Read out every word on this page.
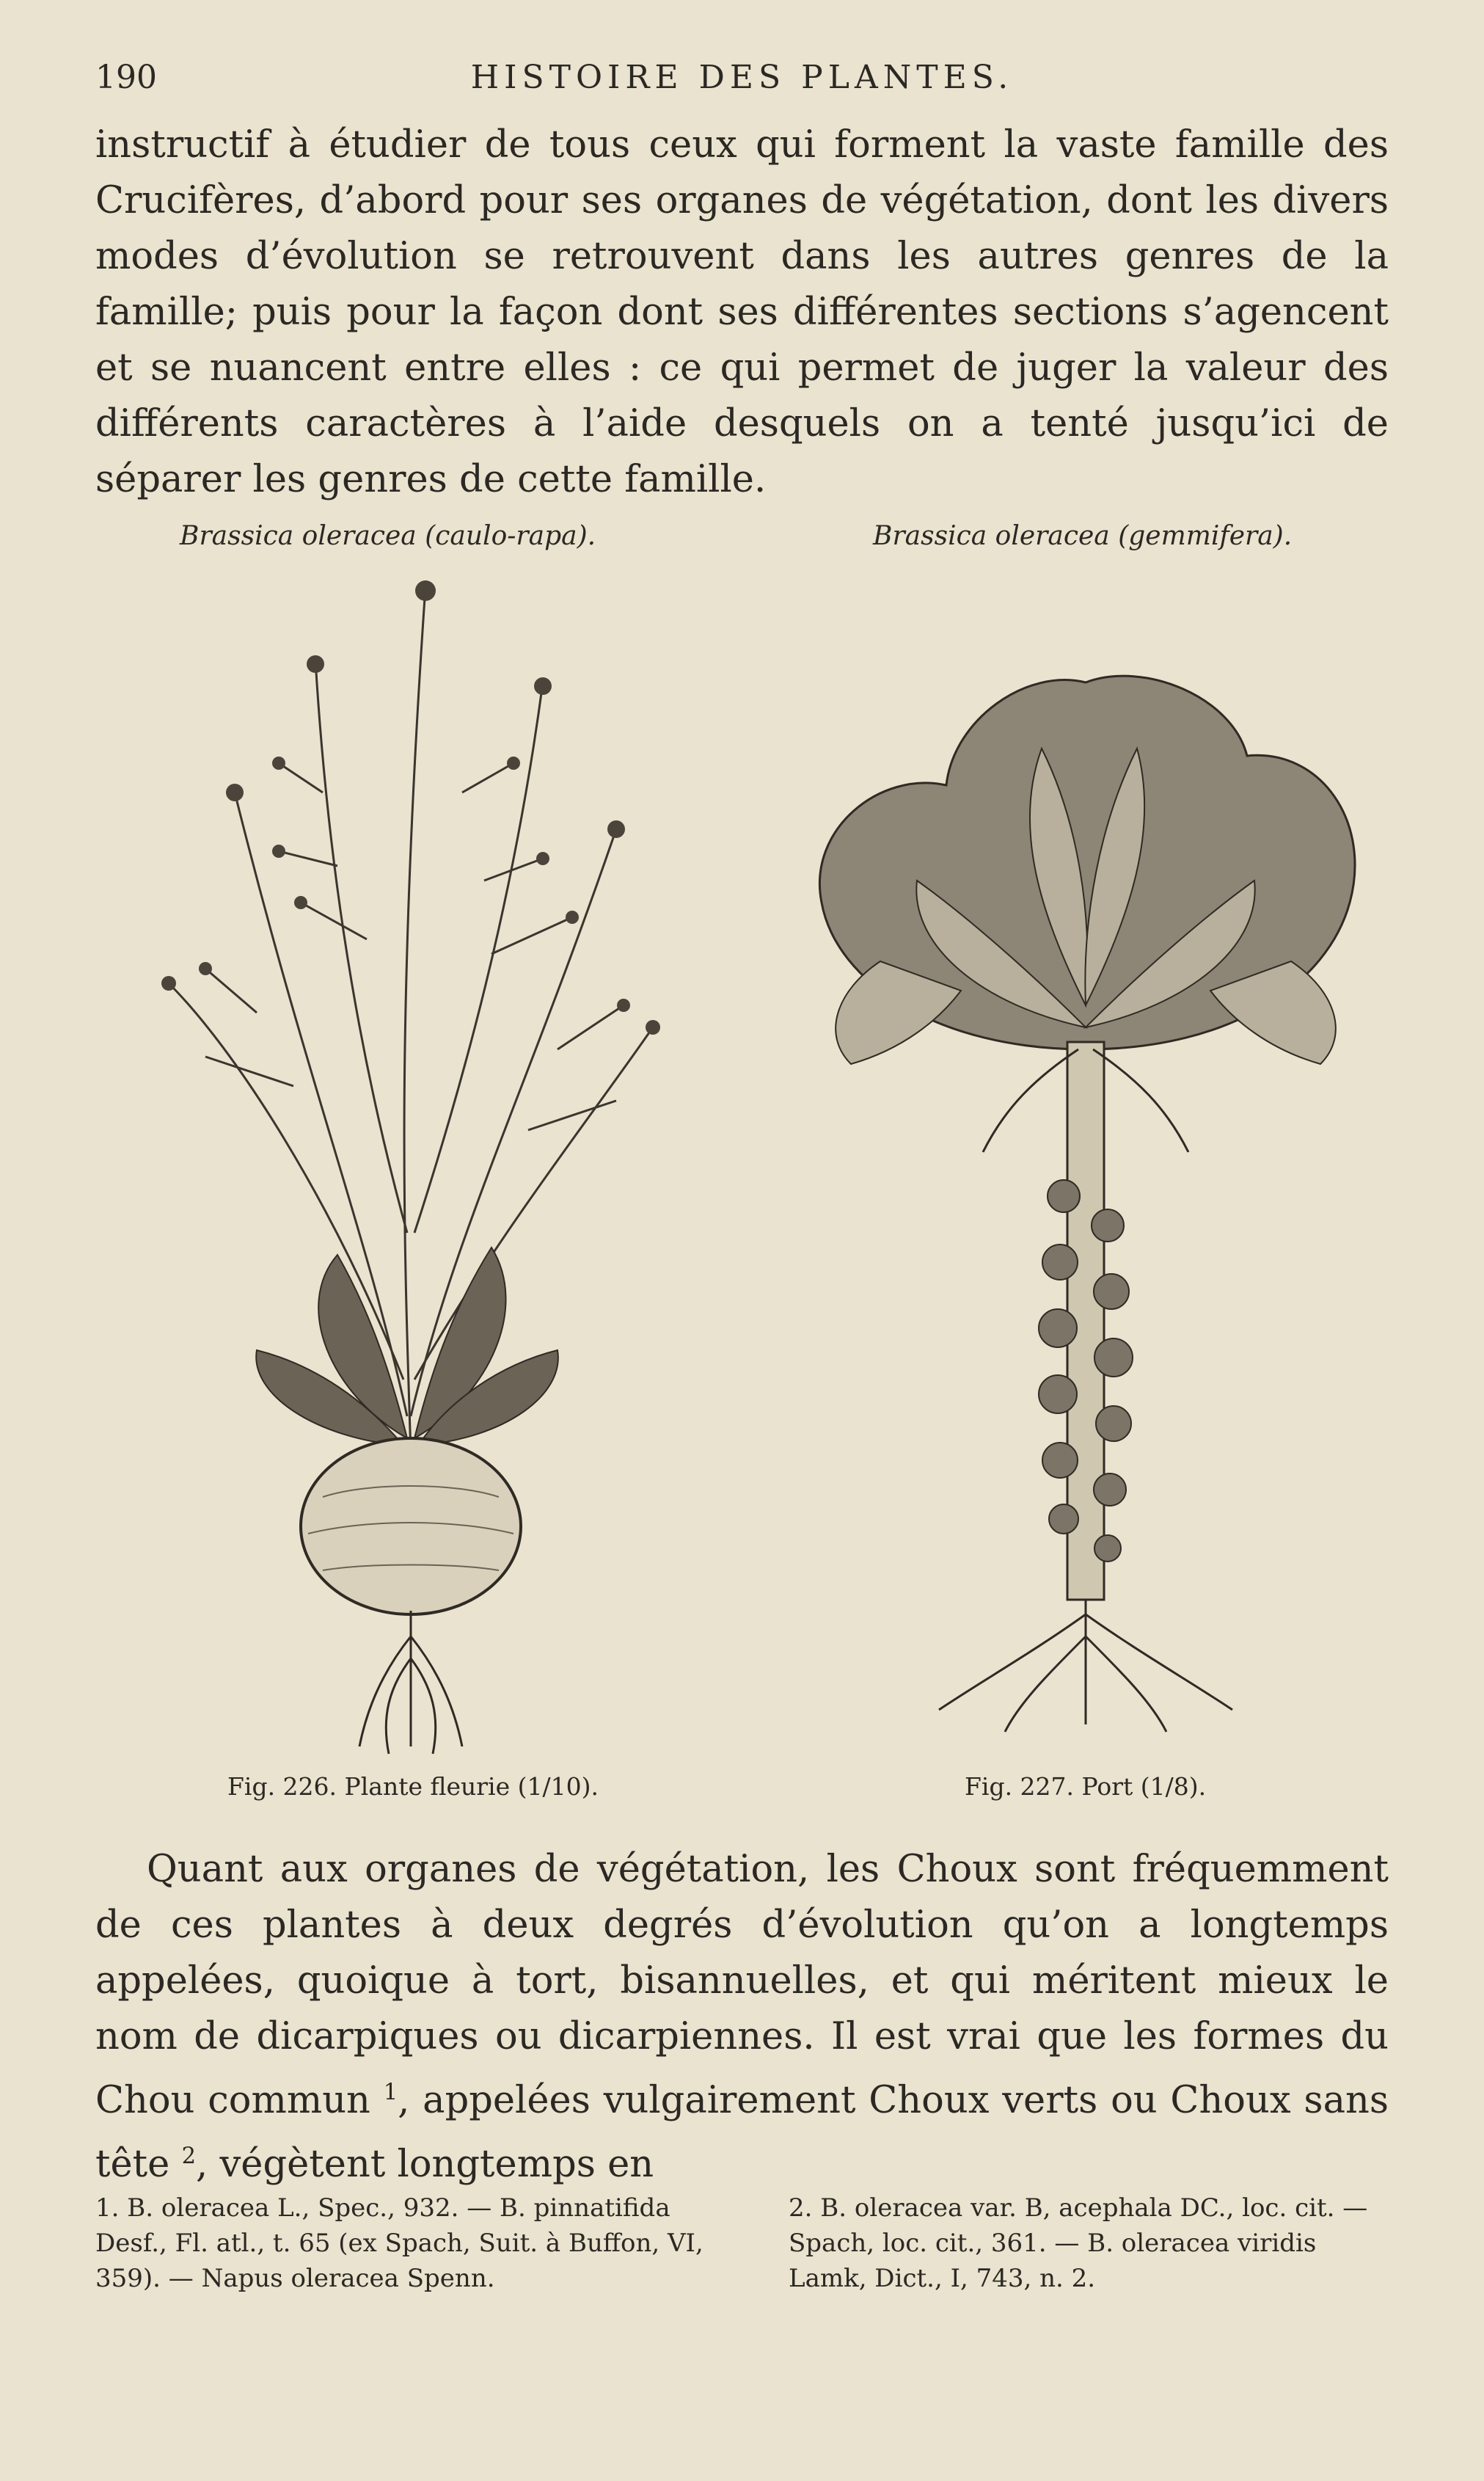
190	HISTOIRE DES PLANTES.

instructif à étudier de tous ceux qui forment la vaste famille des Crucifères, d’abord pour ses organes de végétation, dont les divers modes d’évolution se retrouvent dans les autres genres de la famille; puis pour la façon dont ses différentes sections s’agencent et se nuancent entre elles : ce qui permet de juger la valeur des différents caractères à l’aide desquels on a tenté jusqu’ici de séparer les genres de cette famille.

Brassica oleracea (caulo-rapa).	Brassica oleracea (gemmifera).
Fig. 226. Plante fleurie (1/10).	Fig. 227. Port (1/8).

Quant aux organes de végétation, les Choux sont fréquemment de ces plantes à deux degrés d’évolution qu’on a longtemps appelées, quoique à tort, bisannuelles, et qui méritent mieux le nom de dicarpiques ou dicarpiennes. Il est vrai que les formes du Chou commun $^1$, appelées vulgairement Choux verts ou Choux sans tête $^2$, végètent longtemps en

1. B. oleracea L., Spec., 932. — B. pinnatifida Desf., Fl. atl., t. 65 (ex Spach, Suit. à Buffon, VI, 359). — Napus oleracea Spenn.
2. B. oleracea var. B, acephala DC., loc. cit. — Spach, loc. cit., 361. — B. oleracea viridis Lamk, Dict., I, 743, n. 2.
